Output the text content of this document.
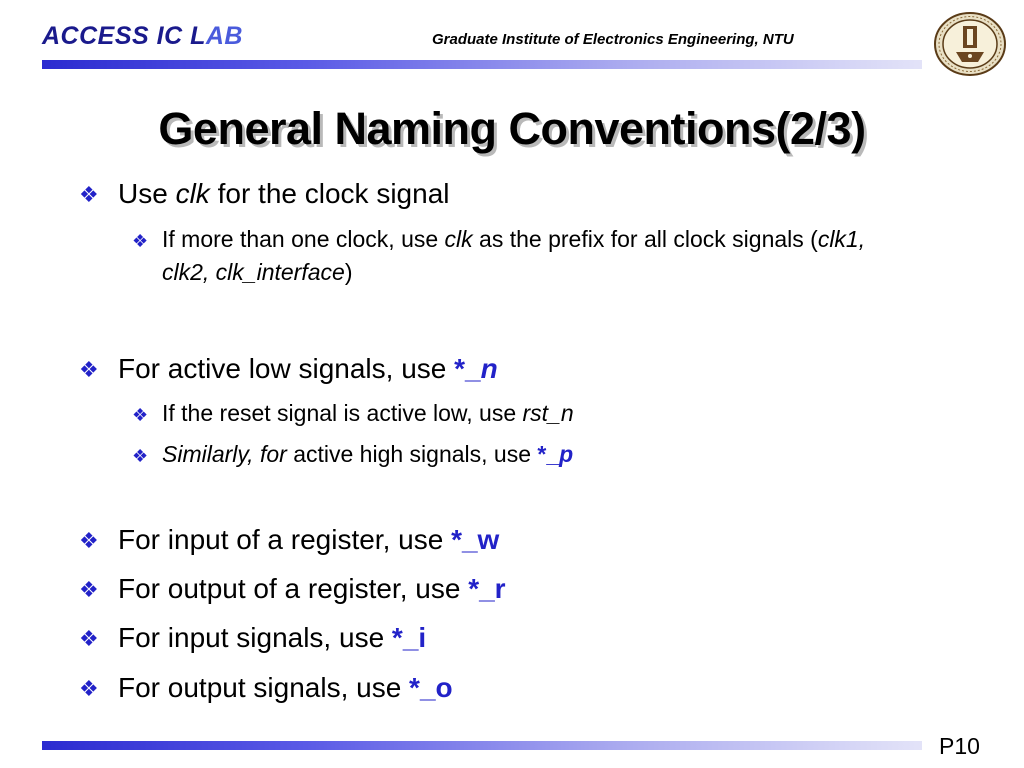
ACCESS IC LAB	Graduate Institute of Electronics Engineering, NTU
General Naming Conventions(2/3)
❖ Use clk for the clock signal
❖ If more than one clock, use clk as the prefix for all clock signals (clk1, clk2, clk_interface)
❖ For active low signals, use *_n
❖ If the reset signal is active low, use rst_n
❖ Similarly, for active high signals, use *_p
❖ For input of a register, use *_w
❖ For output of a register, use *_r
❖ For input signals, use *_i
❖ For output signals, use *_o
P10
